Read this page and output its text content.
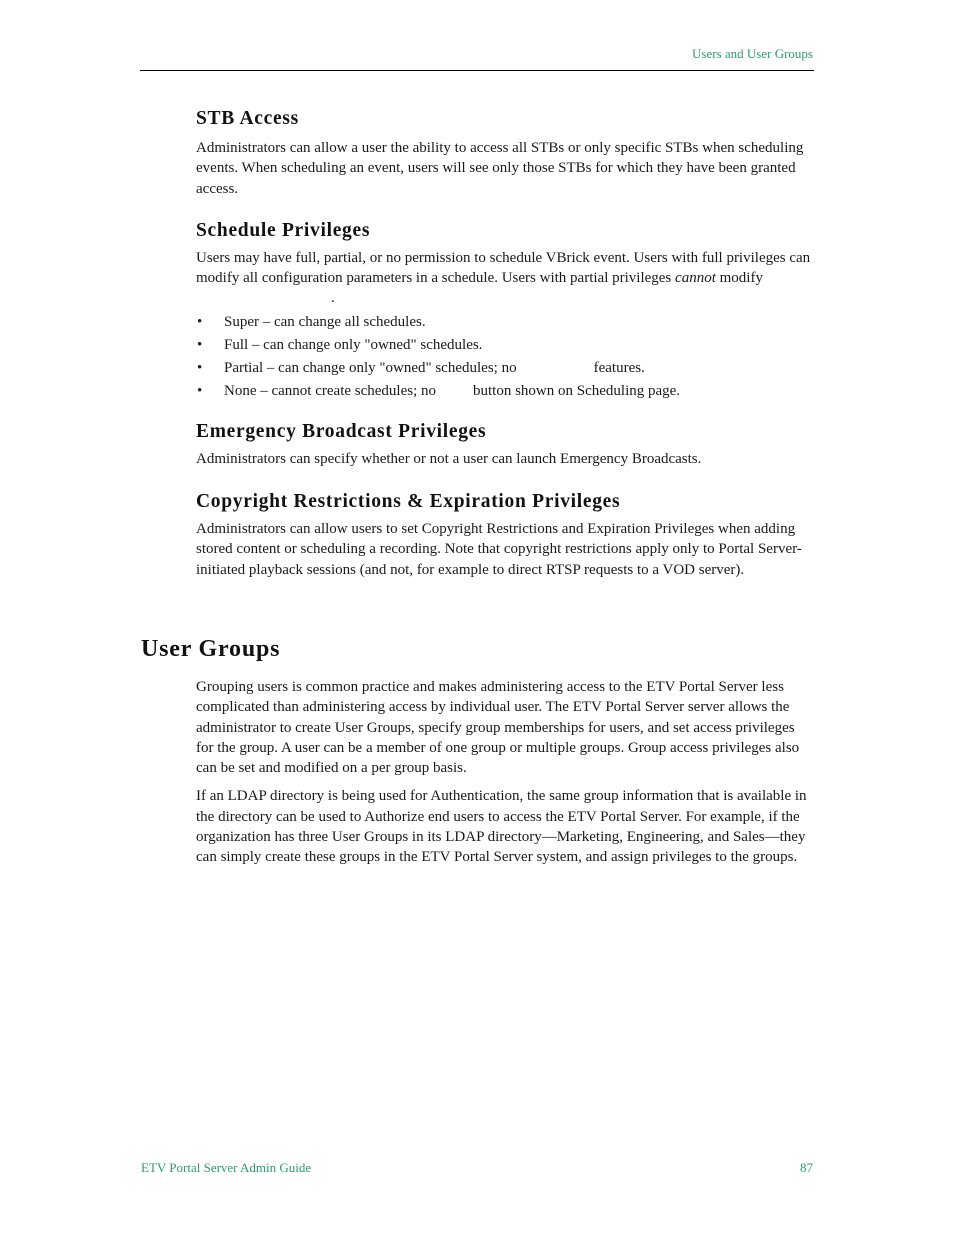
Users and User Groups
STB Access

Administrators can allow a user the ability to access all STBs or only specific STBs when scheduling events. When scheduling an event, users will see only those STBs for which they have been granted access.

Schedule Privileges

Users may have full, partial, or no permission to schedule VBrick event. Users with full privileges can modify all configuration parameters in a schedule. Users with partial privileges cannot modify.

• Super – can change all schedules.
• Full – can change only "owned" schedules.
• Partial – can change only "owned" schedules; no	features.
• None – cannot create schedules; no button shown on Scheduling page.
Emergency Broadcast Privileges

Administrators can specify whether or not a user can launch Emergency Broadcasts.

Copyright Restrictions & Expiration Privileges

Administrators can allow users to set Copyright Restrictions and Expiration Privileges when adding stored content or scheduling a recording. Note that copyright restrictions apply only to Portal Server-initiated playback sessions (and not, for example to direct RTSP requests to a VOD server).

User Groups

Grouping users is common practice and makes administering access to the ETV Portal Server less complicated than administering access by individual user. The ETV Portal Server server allows the administrator to create User Groups, specify group memberships for users, and set access privileges for the group. A user can be a member of one group or multiple groups. Group access privileges also can be set and modified on a per group basis.

If an LDAP directory is being used for Authentication, the same group information that is available in the directory can be used to Authorize end users to access the ETV Portal Server. For example, if the organization has three User Groups in its LDAP directory—Marketing, Engineering, and Sales—they can simply create these groups in the ETV Portal Server system, and assign privileges to the groups.

ETV Portal Server Admin Guide	87
